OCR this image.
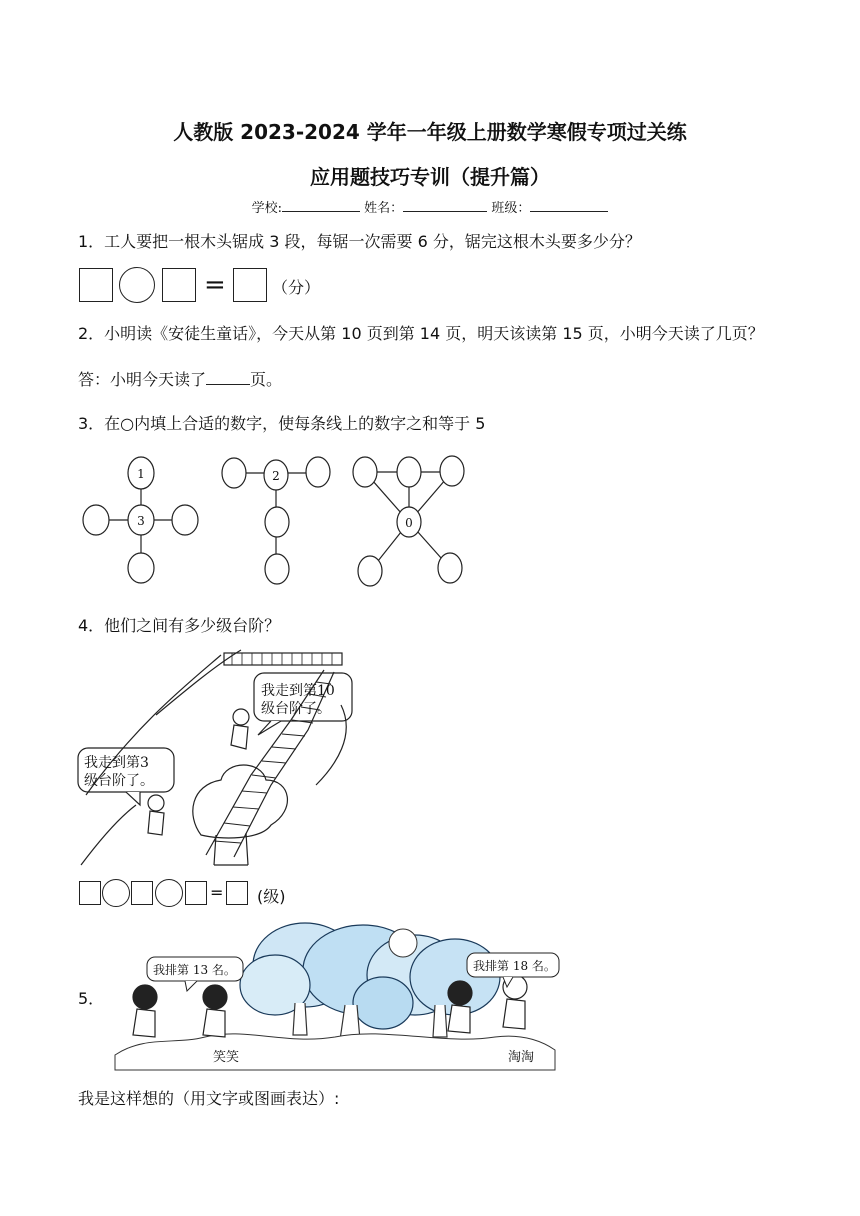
人教版 2023-2024 学年一年级上册数学寒假专项过关练
应用题技巧专训（提升篇）
学校:	姓名：	班级：
1．工人要把一根木头锯成 3 段，每锯一次需要 6 分，锯完这根木头要多少分？
=	（分）
2．小明读《安徒生童话》，今天从第 10 页到第 14 页，明天该读第 15 页，小明今天读了几页？
答：小明今天读了	页。
3．在○内填上合适的数字，使每条线上的数字之和等于 5
1
3
2
0
4．他们之间有多少级台阶？
我走到第10
级台阶了。
我走到第3
级台阶了。
= (级)
5．
我排第 13 名。	我排第 18 名。
笑笑	淘淘
我是这样想的（用文字或图画表达）:
